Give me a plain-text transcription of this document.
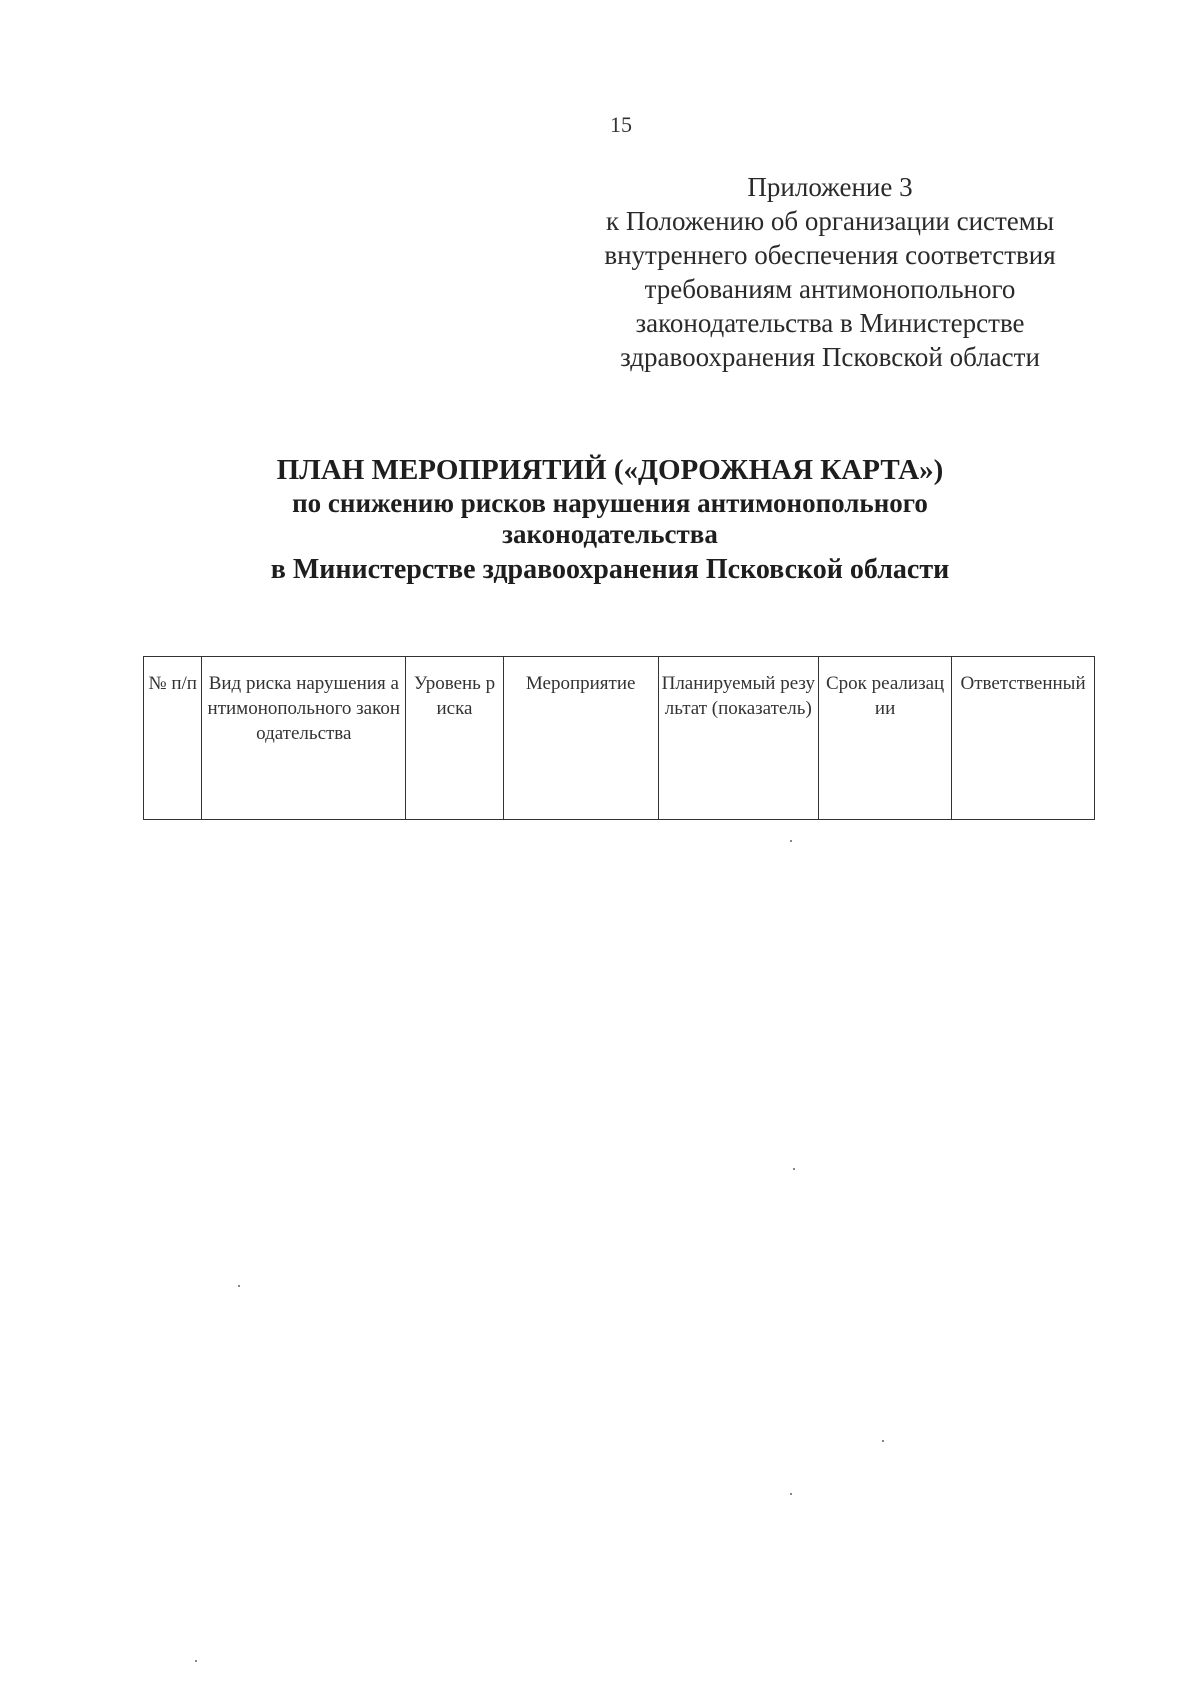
15
Приложение 3
к Положению об организации системы
внутреннего обеспечения соответствия
требованиям антимонопольного
законодательства в Министерстве
здравоохранения Псковской области
ПЛАН МЕРОПРИЯТИЙ («ДОРОЖНАЯ КАРТА»)
по снижению рисков нарушения антимонопольного
законодательства
в Министерстве здравоохранения Псковской области
№ п/п	Вид риска нарушения антимонопольного законодательства	Уровень риска	Мероприятие	Планируемый результат (показатель)	Срок реализации	Ответственный
